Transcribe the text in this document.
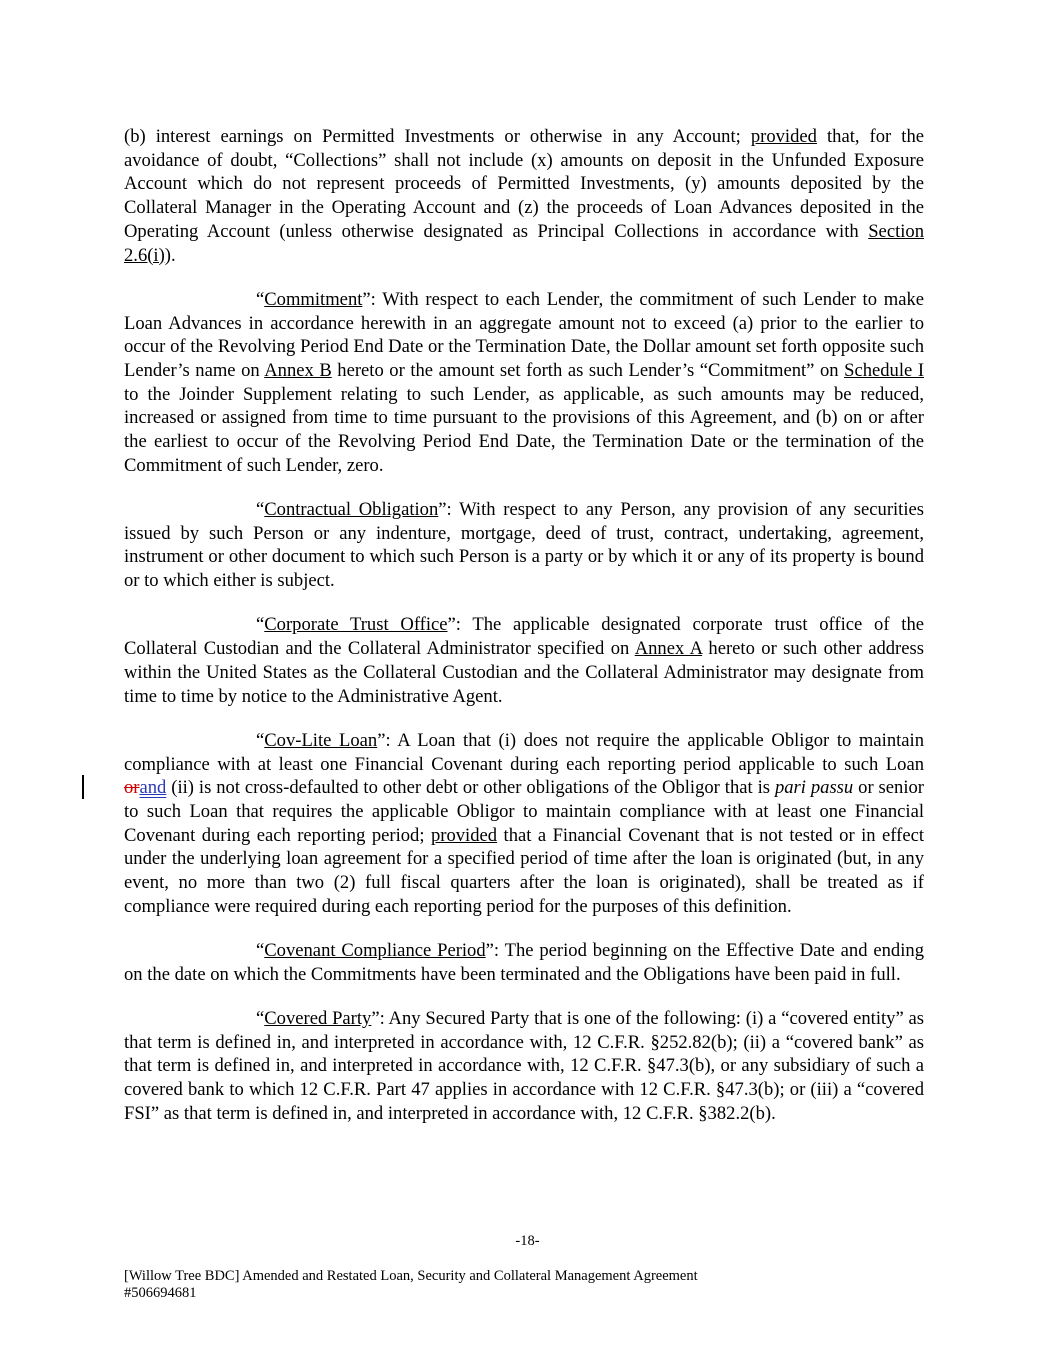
(b) interest earnings on Permitted Investments or otherwise in any Account; provided that, for the avoidance of doubt, “Collections” shall not include (x) amounts on deposit in the Unfunded Exposure Account which do not represent proceeds of Permitted Investments, (y) amounts deposited by the Collateral Manager in the Operating Account and (z) the proceeds of Loan Advances deposited in the Operating Account (unless otherwise designated as Principal Collections in accordance with Section 2.6(i)).

“Commitment”: With respect to each Lender, the commitment of such Lender to make Loan Advances in accordance herewith in an aggregate amount not to exceed (a) prior to the earlier to occur of the Revolving Period End Date or the Termination Date, the Dollar amount set forth opposite such Lender’s name on Annex B hereto or the amount set forth as such Lender’s “Commitment” on Schedule I to the Joinder Supplement relating to such Lender, as applicable, as such amounts may be reduced, increased or assigned from time to time pursuant to the provisions of this Agreement, and (b) on or after the earliest to occur of the Revolving Period End Date, the Termination Date or the termination of the Commitment of such Lender, zero.

“Contractual Obligation”: With respect to any Person, any provision of any securities issued by such Person or any indenture, mortgage, deed of trust, contract, undertaking, agreement, instrument or other document to which such Person is a party or by which it or any of its property is bound or to which either is subject.

“Corporate Trust Office”: The applicable designated corporate trust office of the Collateral Custodian and the Collateral Administrator specified on Annex A hereto or such other address within the United States as the Collateral Custodian and the Collateral Administrator may designate from time to time by notice to the Administrative Agent.

“Cov-Lite Loan”: A Loan that (i) does not require the applicable Obligor to maintain compliance with at least one Financial Covenant during each reporting period applicable to such Loan orand (ii) is not cross-defaulted to other debt or other obligations of the Obligor that is pari passu or senior to such Loan that requires the applicable Obligor to maintain compliance with at least one Financial Covenant during each reporting period; provided that a Financial Covenant that is not tested or in effect under the underlying loan agreement for a specified period of time after the loan is originated (but, in any event, no more than two (2) full fiscal quarters after the loan is originated), shall be treated as if compliance were required during each reporting period for the purposes of this definition.

“Covenant Compliance Period”: The period beginning on the Effective Date and ending on the date on which the Commitments have been terminated and the Obligations have been paid in full.

“Covered Party”: Any Secured Party that is one of the following: (i) a “covered entity” as that term is defined in, and interpreted in accordance with, 12 C.F.R. §252.82(b); (ii) a “covered bank” as that term is defined in, and interpreted in accordance with, 12 C.F.R. §47.3(b), or any subsidiary of such a covered bank to which 12 C.F.R. Part 47 applies in accordance with 12 C.F.R. §47.3(b); or (iii) a “covered FSI” as that term is defined in, and interpreted in accordance with, 12 C.F.R. §382.2(b).

-18-
[Willow Tree BDC] Amended and Restated Loan, Security and Collateral Management Agreement
#506694681
